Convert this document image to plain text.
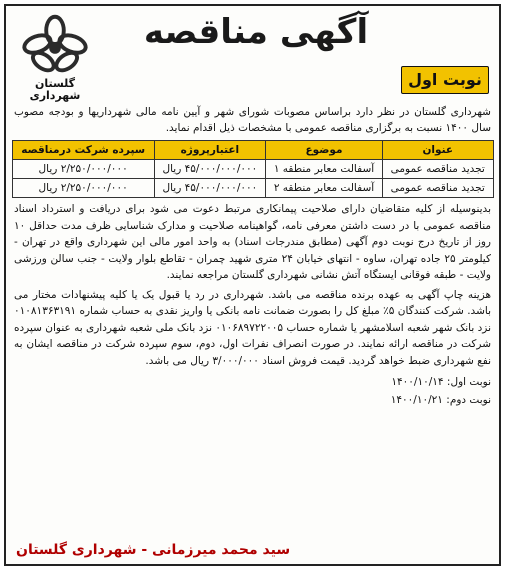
آگهی مناقصه
نوبت اول
گلستان
شهرداری
شهرداری گلستان در نظر دارد براساس مصوبات شورای شهر و آیین نامه مالی شهرداریها و بودجه مصوب سال ۱۴۰۰ نسبت به برگزاری مناقصه عمومی با مشخصات ذیل اقدام نماید.
عنوان	موضوع	اعتبارپروژه	سپرده شرکت درمناقصه
تجدید مناقصه عمومی	آسفالت معابر منطقه ۱	۴۵/۰۰۰/۰۰۰/۰۰۰ ریال	۲/۲۵۰/۰۰۰/۰۰۰ ریال
تجدید مناقصه عمومی	آسفالت معابر منطقه ۲	۴۵/۰۰۰/۰۰۰/۰۰۰ ریال	۲/۲۵۰/۰۰۰/۰۰۰ ریال
بدینوسیله از کلیه متقاضیان دارای صلاحیت پیمانکاری مرتبط دعوت می شود برای دریافت و استرداد اسناد مناقصه عمومی با در دست داشتن معرفی نامه، گواهینامه صلاحیت و مدارک شناسایی ظرف مدت حداقل ۱۰ روز از تاریخ درج نوبت دوم آگهی (مطابق مندرجات اسناد) به واحد امور مالی این شهرداری واقع در تهران - کیلومتر ۲۵ جاده تهران، ساوه - انتهای خیابان ۲۴ متری شهید چمران - تقاطع بلوار ولایت - جنب سالن ورزشی ولایت - طبقه فوقانی ایستگاه آتش نشانی شهرداری گلستان مراجعه نمایند.
هزینه چاپ آگهی به عهده برنده مناقصه می باشد. شهرداری در رد یا قبول یک یا کلیه پیشنهادات مختار می باشد. شرکت کنندگان ۵٪ مبلغ کل را بصورت ضمانت نامه بانکی یا واریز نقدی به حساب شماره ۰۱۰۸۱۳۶۳۱۹۱ نزد بانک شهر شعبه اسلامشهر یا شماره حساب ۰۱۰۶۸۹۷۲۲۰۰۵ نزد بانک ملی شعبه شهرداری به عنوان سپرده شرکت در مناقصه ارائه نمایند. در صورت انصراف نفرات اول، دوم، سوم سپرده شرکت در مناقصه ایشان به نفع شهرداری ضبط خواهد گردید. قیمت فروش اسناد ۳/۰۰۰/۰۰۰ ریال می باشد.
نوبت اول: ۱۴۰۰/۱۰/۱۴
نوبت دوم: ۱۴۰۰/۱۰/۲۱
سید محمد میرزمانی - شهرداری گلستان
